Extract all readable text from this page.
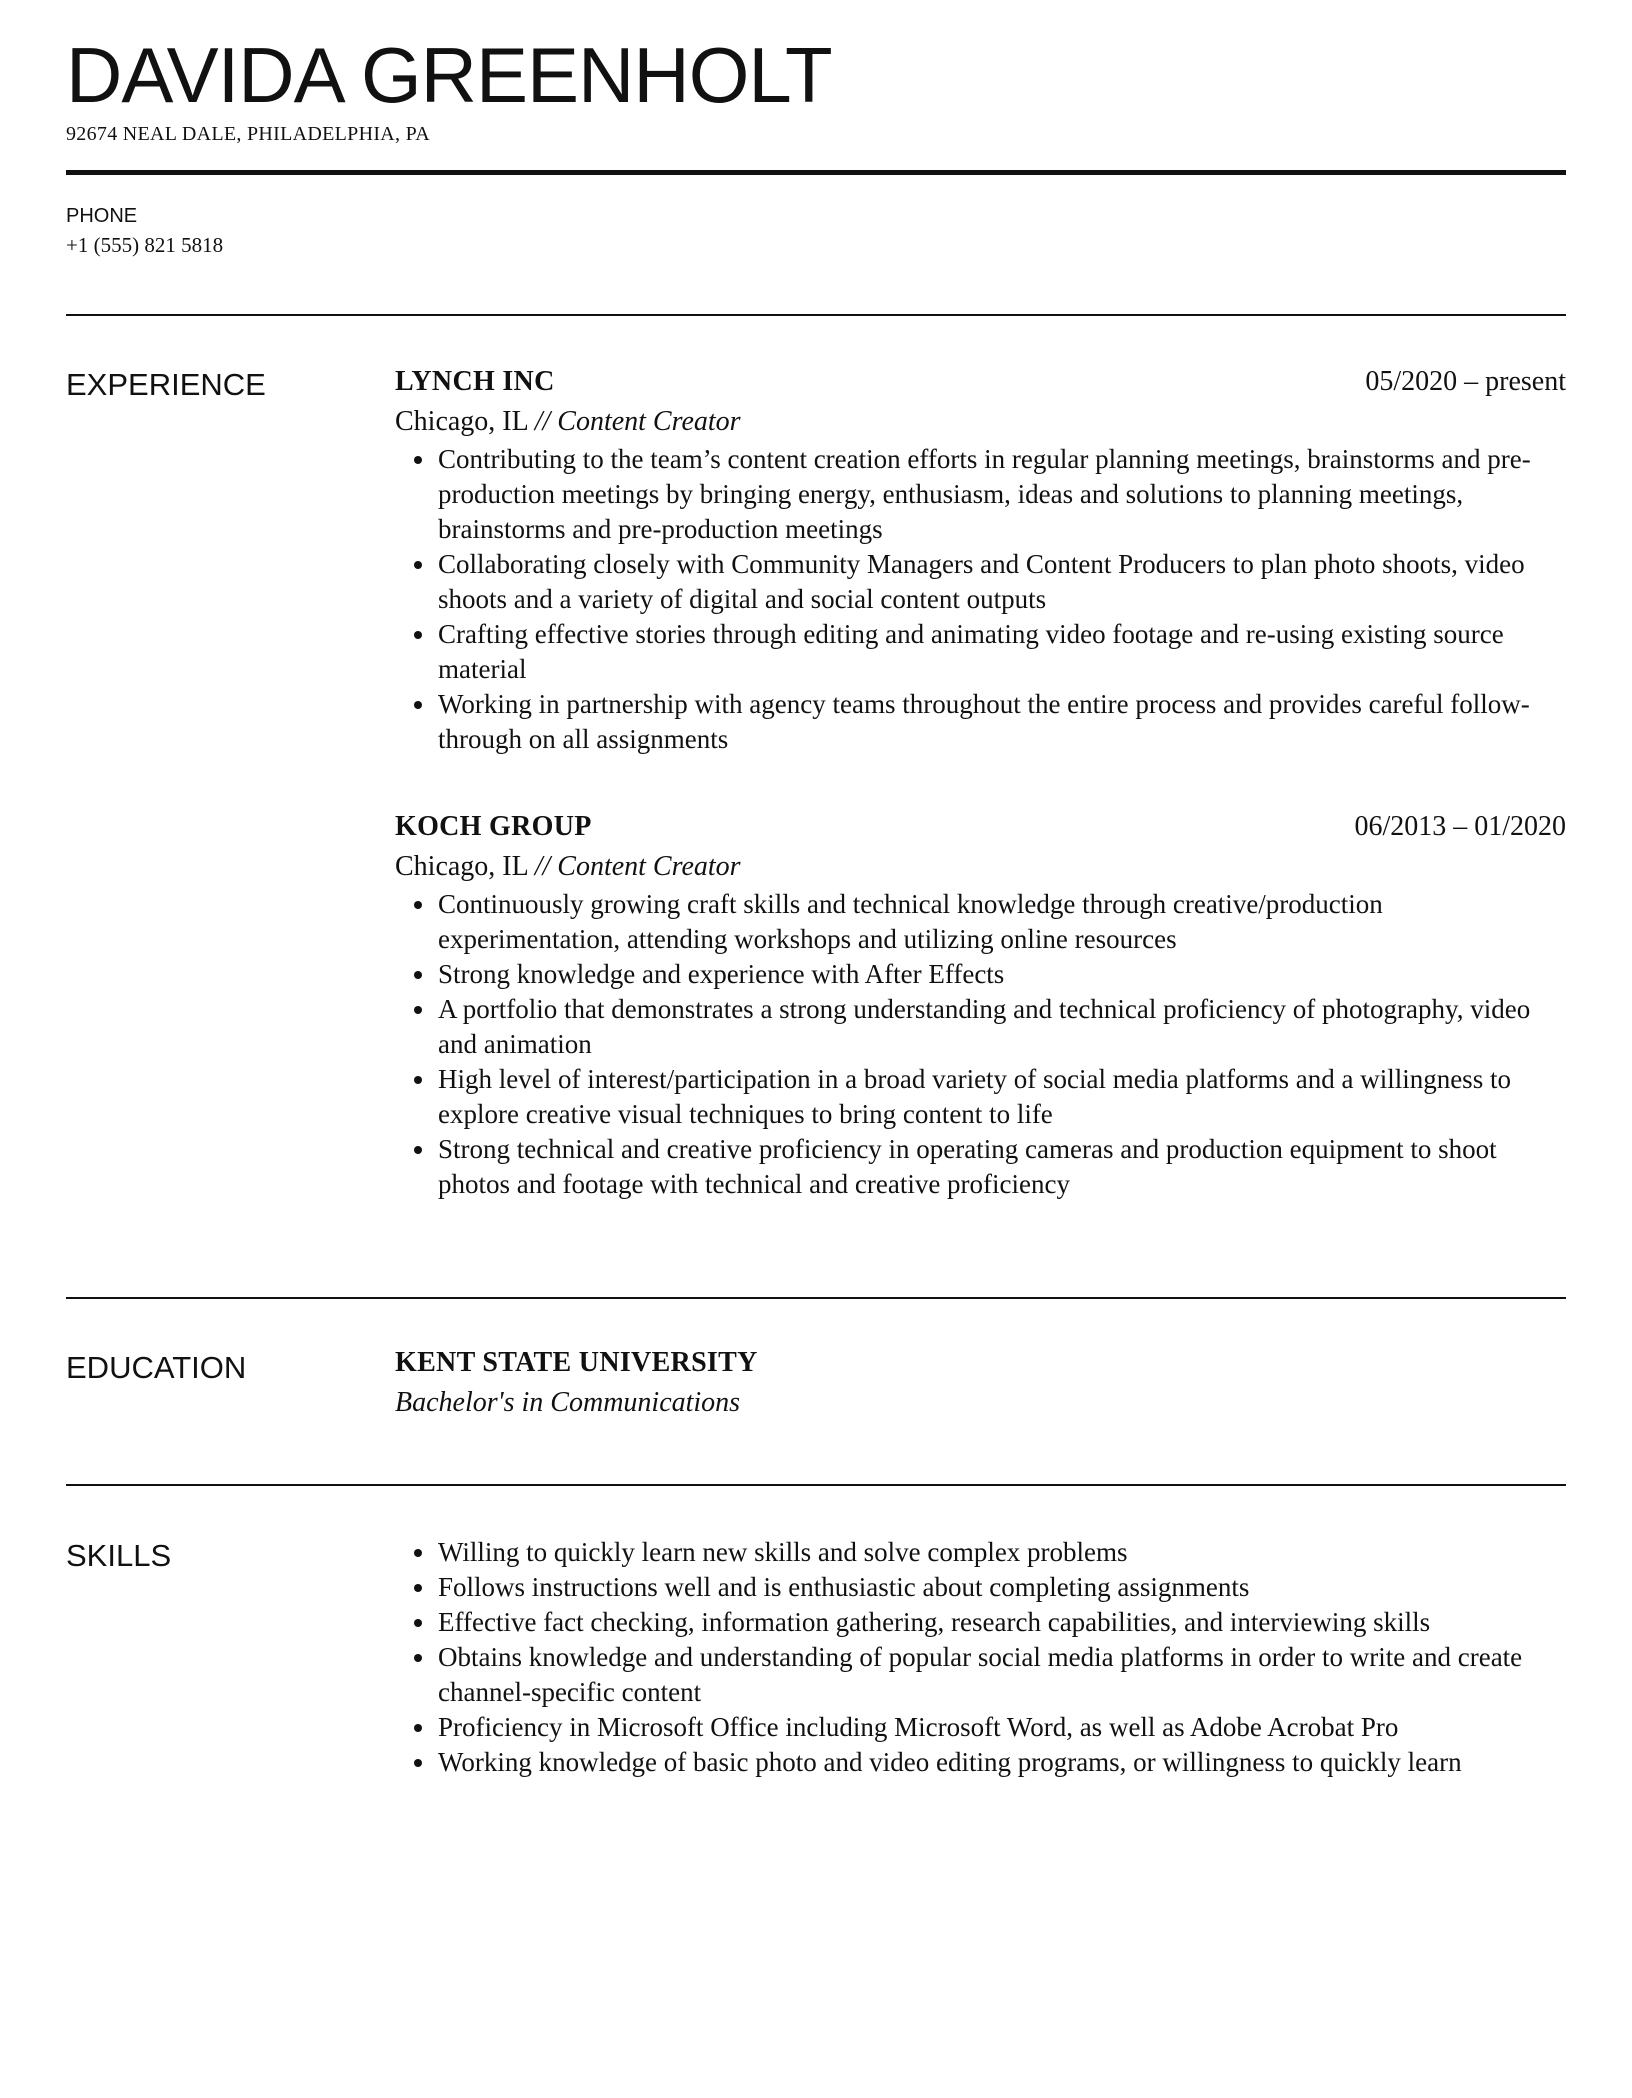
DAVIDA GREENHOLT
92674 NEAL DALE, PHILADELPHIA, PA
PHONE
+1 (555) 821 5818
EXPERIENCE	LYNCH INC	05/2020 – present
Chicago, IL // Content Creator
Contributing to the team’s content creation efforts in regular planning meetings, brainstorms and pre-production meetings by bringing energy, enthusiasm, ideas and solutions to planning meetings, brainstorms and pre-production meetings
Collaborating closely with Community Managers and Content Producers to plan photo shoots, video shoots and a variety of digital and social content outputs
Crafting effective stories through editing and animating video footage and re-using existing source material
Working in partnership with agency teams throughout the entire process and provides careful follow-through on all assignments
KOCH GROUP	06/2013 – 01/2020
Chicago, IL // Content Creator
Continuously growing craft skills and technical knowledge through creative/production experimentation, attending workshops and utilizing online resources
Strong knowledge and experience with After Effects
A portfolio that demonstrates a strong understanding and technical proficiency of photography, video and animation
High level of interest/participation in a broad variety of social media platforms and a willingness to explore creative visual techniques to bring content to life
Strong technical and creative proficiency in operating cameras and production equipment to shoot photos and footage with technical and creative proficiency
EDUCATION	KENT STATE UNIVERSITY
Bachelor's in Communications
SKILLS	Willing to quickly learn new skills and solve complex problems
Follows instructions well and is enthusiastic about completing assignments
Effective fact checking, information gathering, research capabilities, and interviewing skills
Obtains knowledge and understanding of popular social media platforms in order to write and create channel-specific content
Proficiency in Microsoft Office including Microsoft Word, as well as Adobe Acrobat Pro
Working knowledge of basic photo and video editing programs, or willingness to quickly learn
